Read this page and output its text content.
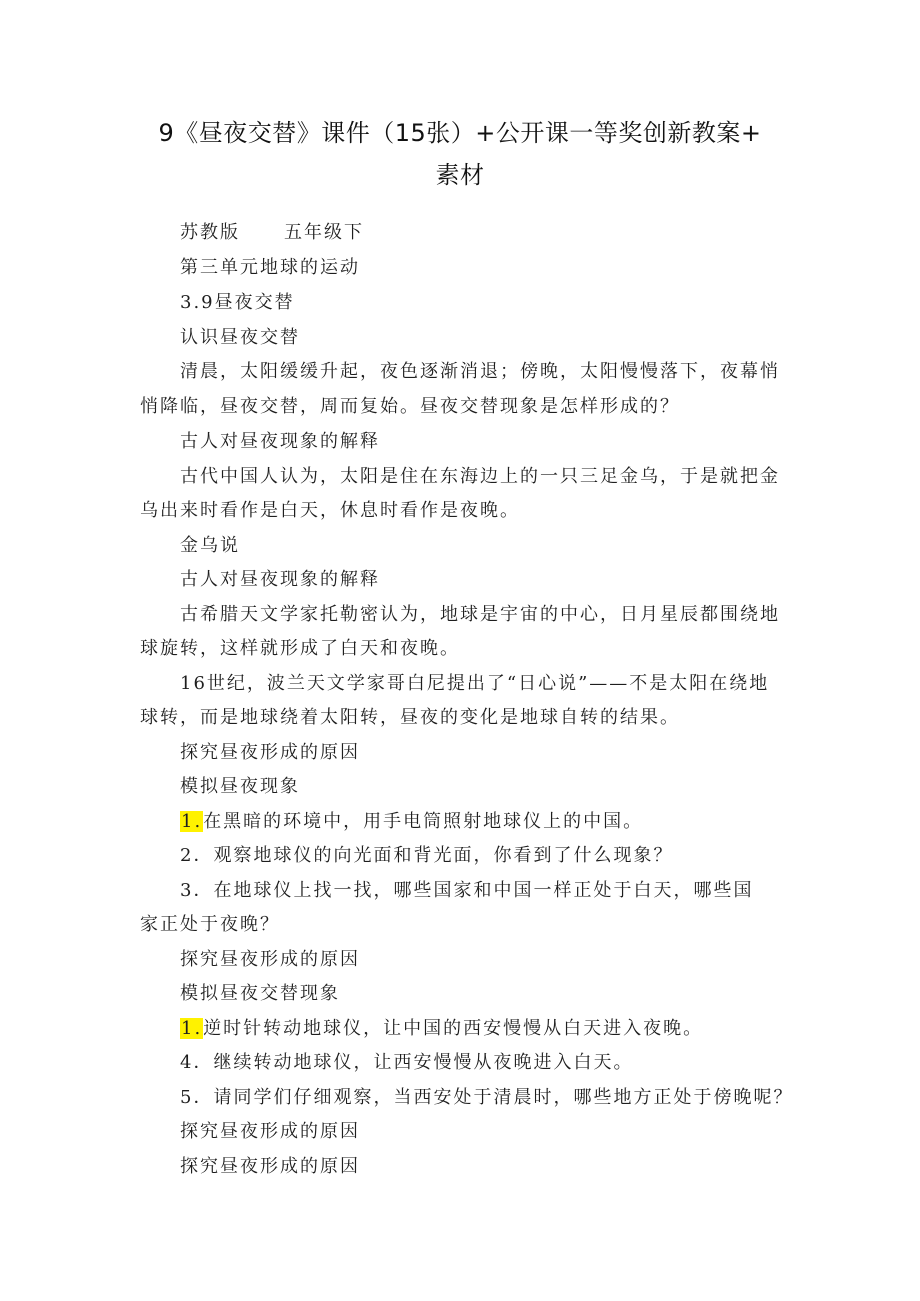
9《昼夜交替》课件（15张）+公开课一等奖创新教案+
素材
苏教版 五年级下
第三单元地球的运动
3.9昼夜交替
认识昼夜交替
清晨，太阳缓缓升起，夜色逐渐消退；傍晚，太阳慢慢落下，夜幕悄
悄降临，昼夜交替，周而复始。昼夜交替现象是怎样形成的？
古人对昼夜现象的解释
古代中国人认为，太阳是住在东海边上的一只三足金乌，于是就把金
乌出来时看作是白天，休息时看作是夜晚。
金乌说
古人对昼夜现象的解释
古希腊天文学家托勒密认为，地球是宇宙的中心，日月星辰都围绕地
球旋转，这样就形成了白天和夜晚。
16世纪，波兰天文学家哥白尼提出了“日心说”——不是太阳在绕地
球转，而是地球绕着太阳转，昼夜的变化是地球自转的结果。
探究昼夜形成的原因
模拟昼夜现象
1.在黑暗的环境中，用手电筒照射地球仪上的中国。
2．观察地球仪的向光面和背光面，你看到了什么现象？
3．在地球仪上找一找，哪些国家和中国一样正处于白天，哪些国
家正处于夜晚？
探究昼夜形成的原因
模拟昼夜交替现象
1.逆时针转动地球仪，让中国的西安慢慢从白天进入夜晚。
4．继续转动地球仪，让西安慢慢从夜晚进入白天。
5．请同学们仔细观察，当西安处于清晨时，哪些地方正处于傍晚呢？
探究昼夜形成的原因
探究昼夜形成的原因
